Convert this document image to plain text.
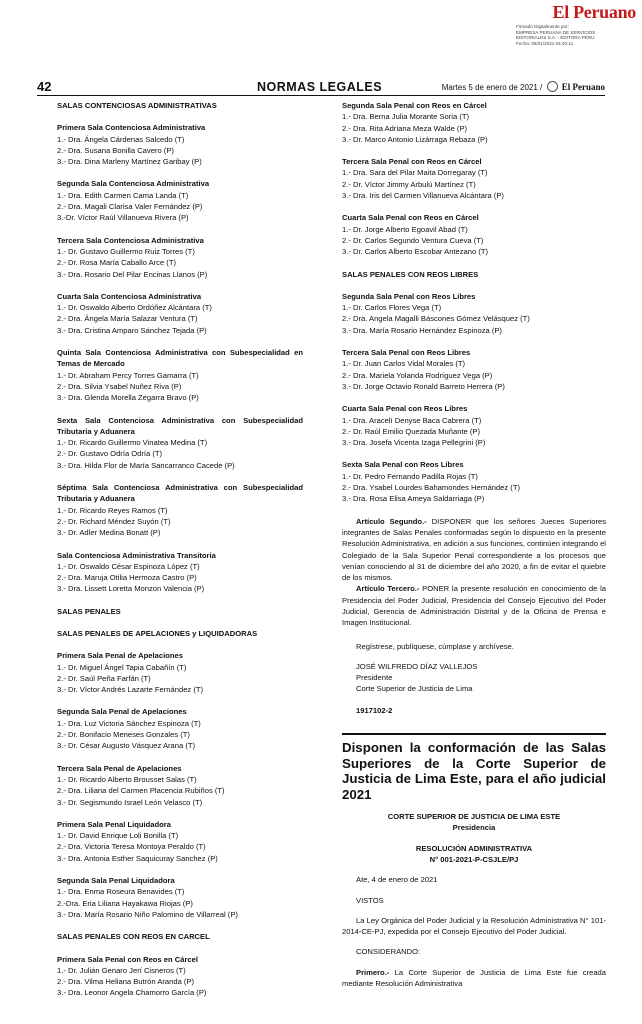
El Peruano
Firmado Digitalmente por:
EMPRESA PERUANA DE SERVICIOS
EDITORIALES S.A. - EDITORA PERU
Fecha: 05/01/2021 04:40:11
42	NORMAS LEGALES	Martes 5 de enero de 2021 / El Peruano
SALAS CONTENCIOSAS ADMINISTRATIVAS
Primera Sala Contenciosa Administrativa
1.- Dra. Ángela Cárdenas Salcedo (T)
2.- Dra. Susana Bonilla Cavero (P)
3.- Dra. Dina Marleny Martínez Garibay (P)
Segunda Sala Contenciosa Administrativa
1.- Dra. Edith Carmen Cama Landa (T)
2.- Dra. Magali Clarisa Valer Fernández (P)
3.-Dr. Víctor Raúl Villanueva Rivera (P)
Tercera Sala Contenciosa Administrativa
1.- Dr. Gustavo Guillermo Ruiz Torres (T)
2.- Dr. Rosa María Caballo Arce (T)
3.- Dra. Rosario Del Pilar Encinas Llanos (P)
Cuarta Sala Contenciosa Administrativa
1.- Dr. Oswaldo Alberto Ordóñez Alcántara (T)
2.- Dra. Ángela María Salazar Ventura (T)
3.- Dra. Cristina Amparo Sánchez Tejada (P)
Quinta Sala Contenciosa Administrativa con Subespecialidad en Temas de Mercado
1.- Dr. Abraham Percy Torres Gamarra (T)
2.- Dra. Silvia Ysabel Nuñez Riva (P)
3.- Dra. Glenda Morella Zegarra Bravo (P)
Sexta Sala Contenciosa Administrativa con Subespecialidad Tributaria y Aduanera
1.- Dr. Ricardo Guillermo Vinatea Medina (T)
2.- Dr. Gustavo Odría Odría (T)
3.- Dra. Hilda Flor de María Sancarranco Cacede (P)
Séptima Sala Contenciosa Administrativa con Subespecialidad Tributaria y Aduanera
1.- Dr. Ricardo Reyes Ramos (T)
2.- Dr. Richard Méndez Suyón (T)
3.- Dr. Adler Medina Bonatt (P)
Sala Contenciosa Administrativa Transitoria
1.- Dr. Oswaldo César Espinoza López (T)
2.- Dra. Maruja Otilia Hermoza Castro (P)
3.- Dra. Lissett Loretta Monzon Valencia (P)
SALAS PENALES
SALAS PENALES DE APELACIONES y LIQUIDADORAS
Primera Sala Penal de Apelaciones
1.- Dr. Miguel Ángel Tapia Cabañín (T)
2.- Dr. Saúl Peña Farfán (T)
3.- Dr. Víctor Andrés Lazarte Fernández (T)
Segunda Sala Penal de Apelaciones
1.- Dra. Luz Victoria Sánchez Espinoza (T)
2.- Dr. Bonifacio Meneses Gonzales (T)
3.- Dr. César Augusto Vásquez Arana (T)
Tercera Sala Penal de Apelaciones
1.- Dr. Ricardo Alberto Brousset Salas (T)
2.- Dra. Liliana del Carmen Placencia Rubiños (T)
3.- Dr. Segismundo Israel León Velasco (T)
Primera Sala Penal Liquidadora
1.- Dr. David Enrique Loli Bonilla (T)
2.- Dra. Victoria Teresa Montoya Peraldo (T)
3.- Dra. Antonia Esther Saquicuray Sanchez (P)
Segunda Sala Penal Liquidadora
1.- Dra. Enma Roseura Benavides (T)
2.-Dra. Eria Liliana Hayakawa Riojas (P)
3.- Dra. María Rosario Niño Palomino de Villarreal (P)
SALAS PENALES CON REOS EN CARCEL
Primera Sala Penal con Reos en Cárcel
1.- Dr. Julián Genaro Jerí Cisneros (T)
2.- Dra. Vilma Heliana Butrón Aranda (P)
3.- Dra. Leonor Angela Chamorro García (P)
Segunda Sala Penal con Reos en Cárcel
1.- Dra. Berna Julia Morante Soria (T)
2.- Dra. Rita Adriana Meza Walde (P)
3.- Dr. Marco Antonio Lizárraga Rebaza (P)
Tercera Sala Penal con Reos en Cárcel
1.- Dra. Sara del Pilar Maita Dorregaray (T)
2.- Dr. Víctor Jimmy Arbulú Martínez (T)
3.- Dra. Iris del Carmen Villanueva Alcántara (P)
Cuarta Sala Penal con Reos en Cárcel
1.- Dr. Jorge Alberto Egoavil Abad (T)
2.- Dr. Carlos Segundo Ventura Cueva (T)
3.- Dr. Carlos Alberto Escobar Antezano (T)
SALAS PENALES CON REOS LIBRES
Segunda Sala Penal con Reos Libres
1.- Dr. Carlos Flores Vega (T)
2.- Dra. Angela Magalli Báscones Gómez Velásquez (T)
3.- Dra. María Rosario Hernández Espinoza (P)
Tercera Sala Penal con Reos Libres
1.- Dr. Juan Carlos Vidal Morales (T)
2.- Dra. Mariela Yolanda Rodríguez Vega (P)
3.- Dr. Jorge Octavio Ronald Barreto Herrera (P)
Cuarta Sala Penal con Reos Libres
1.- Dra. Aracelí Denyse Baca Cabrera (T)
2.- Dr. Raúl Emilio Quezada Muñante (P)
3.- Dra. Josefa Vicenta Izaga Pellegrini (P)
Sexta Sala Penal con Reos Libres
1.- Dr. Pedro Fernando Padilla Rojas (T)
2.- Dra. Ysabel Lourdes Bahamondes Hernández (T)
3.- Dra. Rosa Elisa Ameya Saldarriaga (P)

Artículo Segundo.- DISPONER que los señores Jueces Superiores integrantes de Salas Penales conformadas según lo dispuesto en la presente Resolución Administrativa, en adición a sus funciones, continúen integrando el Colegiado de la Sala Superior Penal correspondiente a los procesos que venían conociendo al 31 de diciembre del año 2020, a fin de evitar el quiebre de los mismos.

Artículo Tercero.- PONER la presente resolución en conocimiento de la Presidencia del Poder Judicial, Presidencia del Consejo Ejecutivo del Poder Judicial, Gerencia de Administración Distrital y de la Oficina de Prensa e Imagen Institucional.

Regístrese, publíquese, cúmplase y archívese.
JOSÉ WILFREDO DÍAZ VALLEJOS
Presidente
Corte Superior de Justicia de Lima
1917102-2
Disponen la conformación de las Salas Superiores de la Corte Superior de Justicia de Lima Este, para el año judicial 2021
CORTE SUPERIOR DE JUSTICIA DE LIMA ESTE
Presidencia
RESOLUCIÓN ADMINISTRATIVA
N° 001-2021-P-CSJLE/PJ
Ate, 4 de enero de 2021
VISTOS
La Ley Orgánica del Poder Judicial y la Resolución Administrativa N° 101-2014-CE-PJ, expedida por el Consejo Ejecutivo del Poder Judicial.
CONSIDERANDO:

Primero.- La Corte Superior de Justicia de Lima Este fue creada mediante Resolución Administrativa
